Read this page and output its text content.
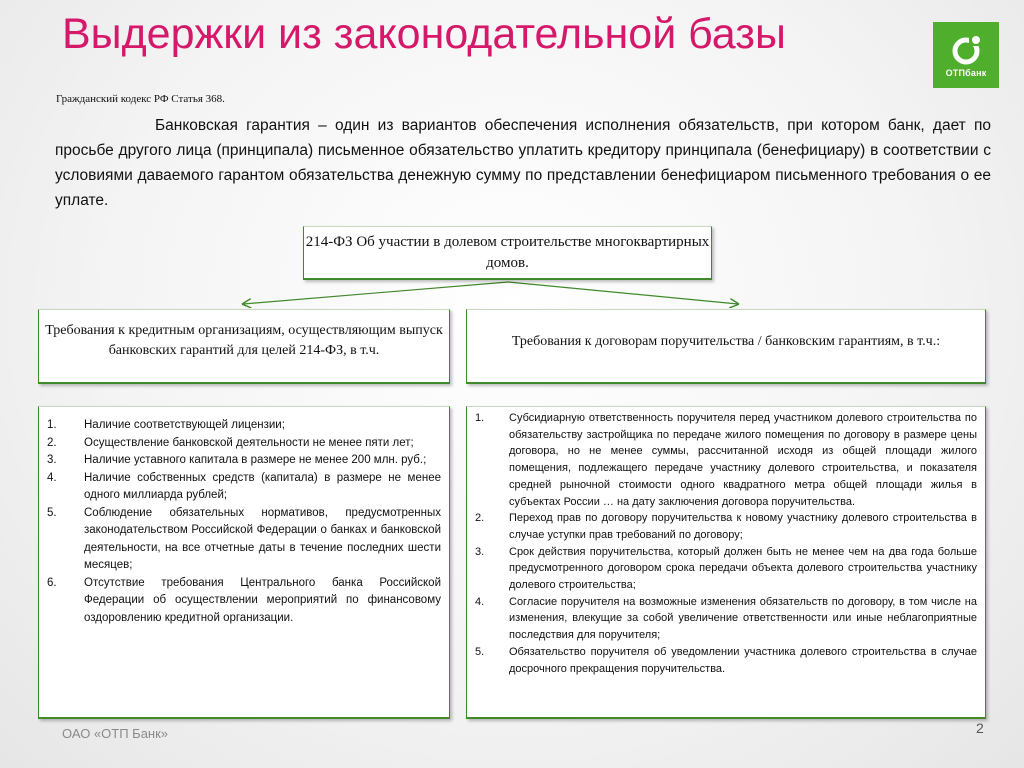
Выдержки из законодательной базы
ОТПбанк
Гражданский кодекс РФ Статья 368.
Банковская гарантия – один из вариантов обеспечения исполнения обязательств, при котором банк, дает по просьбе другого лица (принципала) письменное обязательство уплатить кредитору принципала (бенефициару) в соответствии с условиями даваемого гарантом обязательства денежную сумму по представлении бенефициаром письменного требования о ее уплате.
214-ФЗ Об участии в долевом строительстве многоквартирных домов.
Требования к кредитным организациям, осуществляющим выпуск банковских гарантий для целей 214-ФЗ, в т.ч.
Требования к договорам поручительства / банковским гарантиям, в т.ч.:
1.	Наличие соответствующей лицензии;
2.	Осуществление банковской деятельности не менее пяти лет;
3.	Наличие уставного капитала в размере не менее 200 млн. руб.;
4.	Наличие собственных средств (капитала) в размере не менее одного миллиарда рублей;
5.	Соблюдение обязательных нормативов, предусмотренных законодательством Российской Федерации о банках и банковской деятельности, на все отчетные даты в течение последних шести месяцев;
6.	Отсутствие требования Центрального банка Российской Федерации об осуществлении мероприятий по финансовому оздоровлению кредитной организации.
1.	Субсидиарную ответственность поручителя перед участником долевого строительства по обязательству застройщика по передаче жилого помещения по договору в размере цены договора, но не менее суммы, рассчитанной исходя из общей площади жилого помещения, подлежащего передаче участнику долевого строительства, и показателя средней рыночной стоимости одного квадратного метра общей площади жилья в субъектах России … на дату заключения договора поручительства.
2.	Переход прав по договору поручительства к новому участнику долевого строительства в случае уступки прав требований по договору;
3.	Срок действия поручительства, который должен быть не менее чем на два года больше предусмотренного договором срока передачи объекта долевого строительства участнику долевого строительства;
4.	Согласие поручителя на возможные изменения обязательств по договору, в том числе на изменения, влекущие за собой увеличение ответственности или иные неблагоприятные последствия для поручителя;
5.	Обязательство поручителя об уведомлении участника долевого строительства в случае досрочного прекращения поручительства.
ОАО «ОТП Банк»	2
